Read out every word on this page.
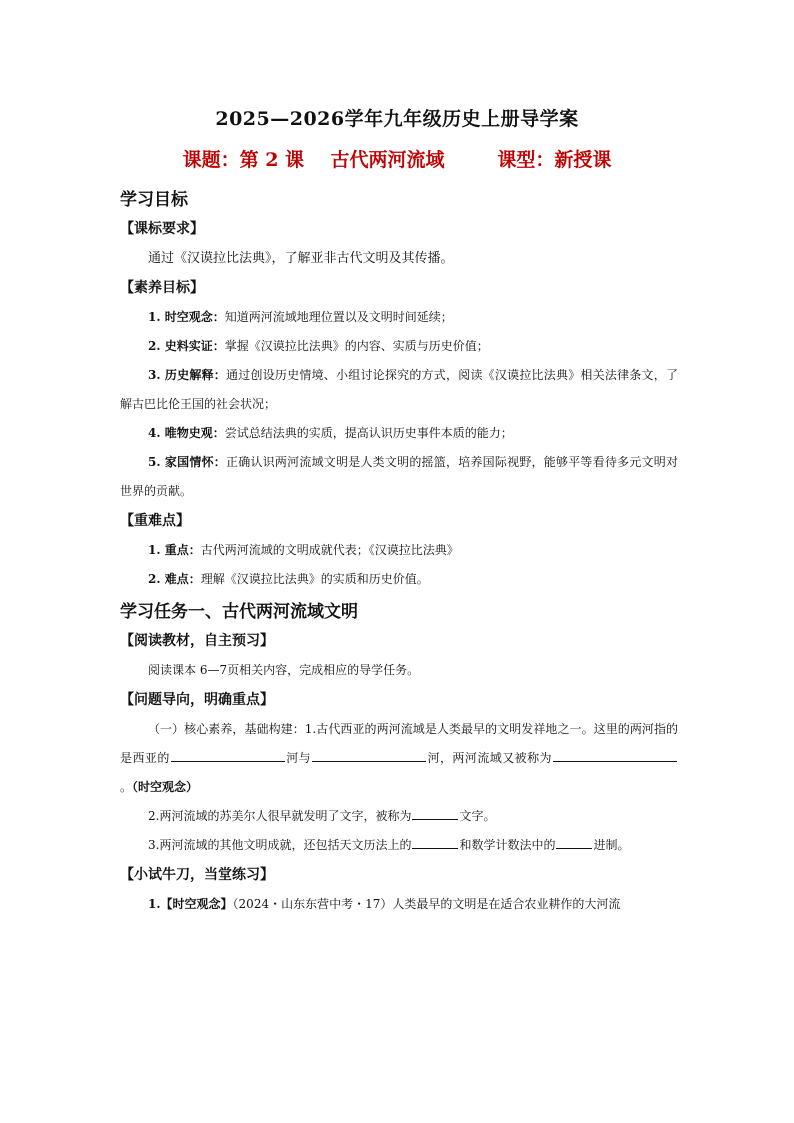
2025—2026学年九年级历史上册导学案
课题：第 2 课    古代两河流域        课型：新授课

学习目标

【课标要求】

通过《汉谟拉比法典》，了解亚非古代文明及其传播。

【素养目标】

1. 时空观念：知道两河流域地理位置以及文明时间延续；

2. 史料实证：掌握《汉谟拉比法典》的内容、实质与历史价值；

3. 历史解释：通过创设历史情境、小组讨论探究的方式，阅读《汉谟拉比法典》相关法律条文，了解古巴比伦王国的社会状况；

4. 唯物史观：尝试总结法典的实质，提高认识历史事件本质的能力；

5. 家国情怀：正确认识两河流域文明是人类文明的摇篮，培养国际视野，能够平等看待多元文明对世界的贡献。

【重难点】

1. 重点：古代两河流域的文明成就代表；《汉谟拉比法典》

2. 难点：理解《汉谟拉比法典》的实质和历史价值。

学习任务一、古代两河流域文明

【阅读教材，自主预习】

阅读课本 6—7页相关内容，完成相应的导学任务。

【问题导向，明确重点】

（一）核心素养，基础构建：1.古代西亚的两河流域是人类最早的文明发祥地之一。这里的两河指的是西亚的	河与	河，两河流域又被称为。（时空观念）

2.两河流域的苏美尔人很早就发明了文字，被称为	文字。

3.两河流域的其他文明成就，还包括天文历法上的	和数学计数法中的	进制。

【小试牛刀，当堂练习】

1.【时空观念】（2024・山东东营中考・17）人类最早的文明是在适合农业耕作的大河流
